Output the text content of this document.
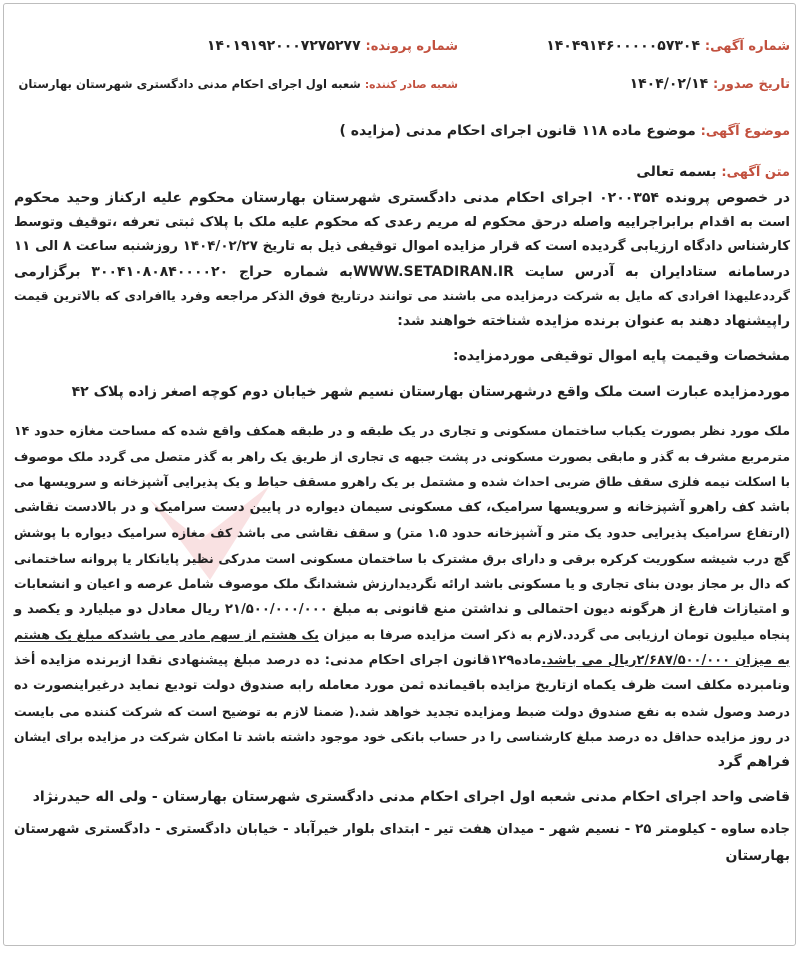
شماره آگهی: ۱۴۰۴۹۱۴۶۰۰۰۰۰۵۷۳۰۴
شماره پرونده: ۱۴۰۱۹۱۹۲۰۰۰۷۲۷۵۲۷۷
تاریخ صدور: ۱۴۰۴/۰۲/۱۴
شعبه صادر کننده: شعبه اول اجرای احکام مدنی دادگستری شهرستان بهارستان
موضوع آگهی: موضوع ماده ۱۱۸ قانون اجرای احکام مدنی (مزایده )
متن آگهی: بسمه تعالی
در خصوص پرونده ۰۲۰۰۳۵۴ اجرای احکام مدنی دادگستری شهرستان بهارستان محکوم علیه ارکناز وحید محکوم
است به اقدام برابراجراییه واصله درحق محکوم له مریم رعدی که محکوم علیه ملک با پلاک ثبتی تعرفه ،توقیف وتوسط
کارشناس دادگاه ارزیابی گردیده است که قرار مزایده اموال توقیفی ذیل به تاریخ ۱۴۰۴/۰۲/۲۷ روزشنبه ساعت ۸ الی ۱۱
درسامانه ستادایران به آدرس سایت WWW.SETADIRAN.IRبه شماره حراج ۳۰۰۴۱۰۸۰۸۴۰۰۰۰۲۰ برگزارمی
گرددعلیهذا افرادی که مایل به شرکت درمزایده می باشند می توانند درتاریخ فوق الذکر مراجعه وفرد یاافرادی که بالاترین قیمت
راپیشنهاد دهند به عنوان برنده مزایده شناخته خواهند شد:
مشخصات وقیمت پایه اموال توقیفی موردمزایده:
موردمزایده عبارت است ملک واقع درشهرستان بهارستان نسیم شهر خیابان دوم کوچه اصغر زاده پلاک ۴۲
ملک مورد نظر بصورت یکباب ساختمان مسکونی و تجاری در یک طبقه و در طبقه همکف واقع شده که مساحت مغازه حدود ۱۴
مترمربع مشرف به گذر و مابقی بصورت مسکونی در پشت جبهه ی تجاری از طریق یک راهر به گذر متصل می گردد ملک موصوف
با اسکلت نیمه فلزی سقف طاق ضربی احداث شده و مشتمل بر یک راهرو مسقف حیاط و یک پذیرایی آشپزخانه و سرویسها می
باشد کف راهرو آشپزخانه و سرویسها سرامیک، کف مسکونی سیمان دیواره در پایین دست سرامیک و در بالادست نقاشی
(ارتفاع سرامیک پذیرایی حدود یک متر و آشپزخانه حدود ۱.۵ متر) و سقف نقاشی می باشد کف مغازه سرامیک دیواره با پوشش
گچ درب شیشه سکوریت کرکره برقی و دارای برق مشترک با ساختمان مسکونی است مدرکی نظیر پایانکار یا پروانه ساختمانی
که دال بر مجاز بودن بنای تجاری و یا مسکونی باشد ارائه نگردیدارزش ششدانگ ملک موصوف شامل عرصه و اعیان و انشعابات
و امتیازات فارغ از هرگونه دیون احتمالی و نداشتن منع قانونی به مبلغ ۲۱/۵۰۰/۰۰۰/۰۰۰ ریال معادل دو میلیارد و یکصد و
پنجاه میلیون تومان ارزیابی می گردد.لازم به ذکر است مزایده صرفا به میزان یک هشتم از سهم مادر می باشدکه مبلغ یک هشتم
به میزان ۲/۶۸۷/۵۰۰/۰۰۰ریال می باشد.ماده۱۲۹قانون اجرای احکام مدنی: ده درصد مبلغ پیشنهادی نقدا ازبرنده مزایده أخذ
ونامبرده مکلف است ظرف یکماه ازتاریخ مزایده باقیمانده ثمن مورد معامله رابه صندوق دولت تودیع نماید درغیراینصورت ده
درصد وصول شده به نفع صندوق دولت ضبط ومزایده تجدید خواهد شد.( ضمنا لازم به توضیح است که شرکت کننده می بایست
در روز مزایده حداقل ده درصد مبلغ کارشناسی را در حساب بانکی خود موجود داشته باشد تا امکان شرکت در مزایده برای ایشان
فراهم گرد
قاضی واحد اجرای احکام مدنی شعبه اول اجرای احکام مدنی دادگستری شهرستان بهارستان - ولی اله حیدرنژاد
جاده ساوه - کیلومتر ۲۵ - نسیم شهر - میدان هفت تیر - ابتدای بلوار خیرآباد - خیابان دادگستری - دادگستری شهرستان
بهارستان
